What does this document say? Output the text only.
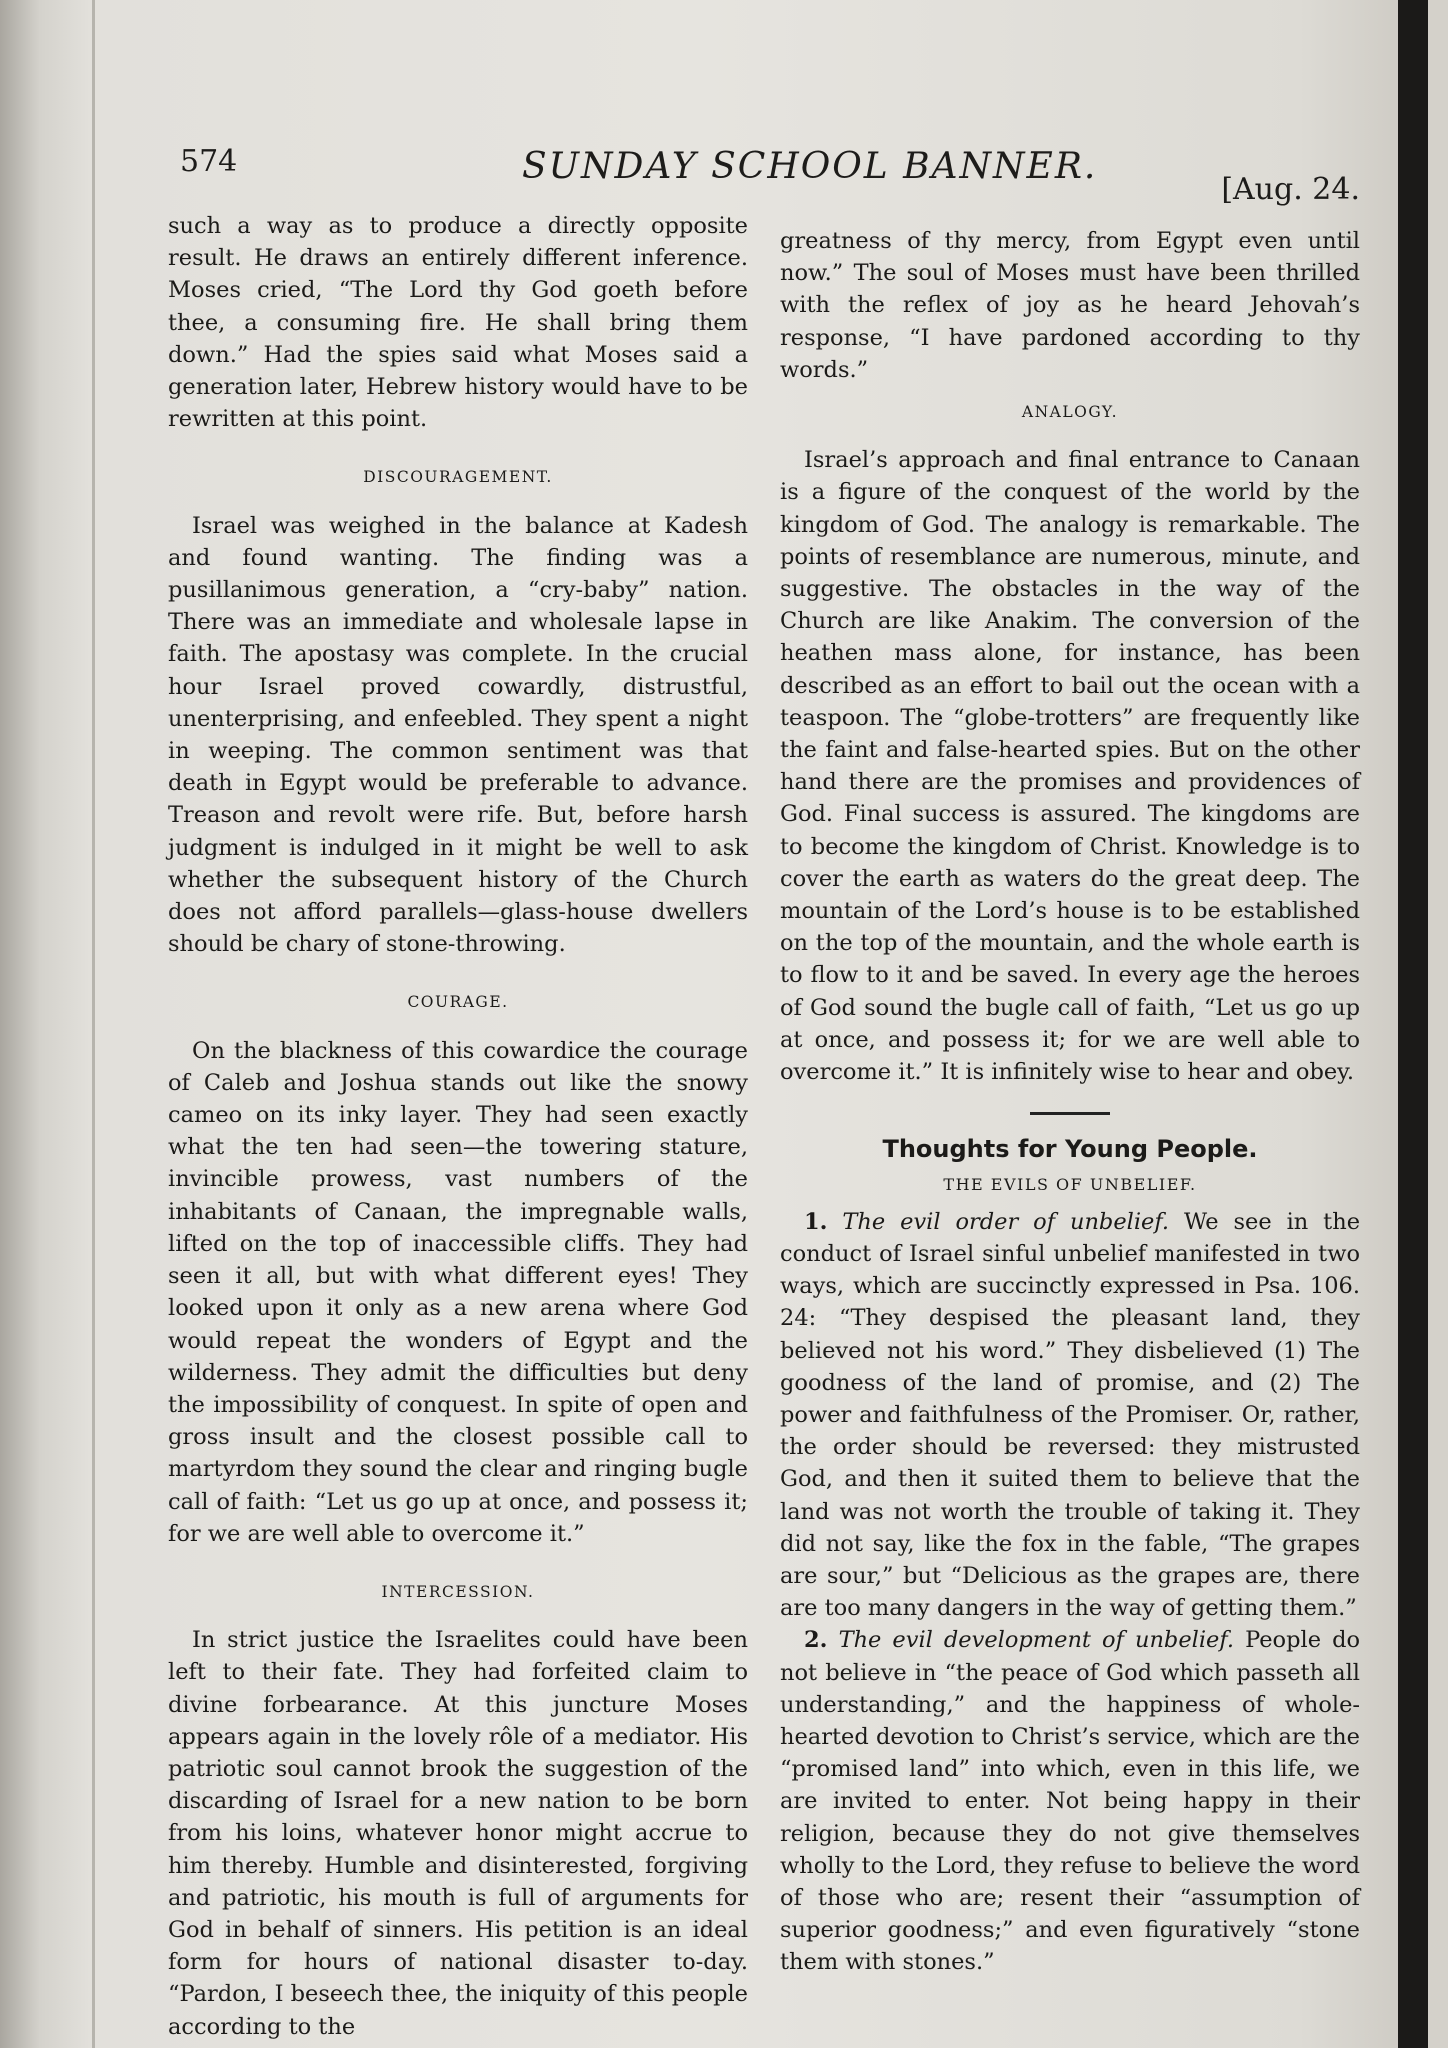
574	SUNDAY SCHOOL BANNER.
[Aug. 24.

such a way as to produce a directly opposite result. He draws an entirely different inference. Moses cried, “The Lord thy God goeth before thee, a consuming fire. He shall bring them down.” Had the spies said what Moses said a generation later, Hebrew history would have to be rewritten at this point.

DISCOURAGEMENT.

Israel was weighed in the balance at Kadesh and found wanting. The finding was a pusillanimous generation, a “cry-baby” nation. There was an immediate and wholesale lapse in faith. The apostasy was complete. In the crucial hour Israel proved cowardly, distrustful, unenterprising, and enfeebled. They spent a night in weeping. The common sentiment was that death in Egypt would be preferable to advance. Treason and revolt were rife. But, before harsh judgment is indulged in it might be well to ask whether the subsequent history of the Church does not afford parallels—glass-house dwellers should be chary of stone-throwing.

COURAGE.

On the blackness of this cowardice the courage of Caleb and Joshua stands out like the snowy cameo on its inky layer. They had seen exactly what the ten had seen—the towering stature, invincible prowess, vast numbers of the inhabitants of Canaan, the impregnable walls, lifted on the top of inaccessible cliffs. They had seen it all, but with what different eyes! They looked upon it only as a new arena where God would repeat the wonders of Egypt and the wilderness. They admit the difficulties but deny the impossibility of conquest. In spite of open and gross insult and the closest possible call to martyrdom they sound the clear and ringing bugle call of faith: “Let us go up at once, and possess it; for we are well able to overcome it.”

INTERCESSION.

In strict justice the Israelites could have been left to their fate. They had forfeited claim to divine forbearance. At this juncture Moses appears again in the lovely rôle of a mediator. His patriotic soul cannot brook the suggestion of the discarding of Israel for a new nation to be born from his loins, whatever honor might accrue to him thereby. Humble and disinterested, forgiving and patriotic, his mouth is full of arguments for God in behalf of sinners. His petition is an ideal form for hours of national disaster to-day. “Pardon, I beseech thee, the iniquity of this people according to the

greatness of thy mercy, from Egypt even until now.” The soul of Moses must have been thrilled with the reflex of joy as he heard Jehovah’s response, “I have pardoned according to thy words.”

ANALOGY.

Israel’s approach and final entrance to Canaan is a figure of the conquest of the world by the kingdom of God. The analogy is remarkable. The points of resemblance are numerous, minute, and suggestive. The obstacles in the way of the Church are like Anakim. The conversion of the heathen mass alone, for instance, has been described as an effort to bail out the ocean with a teaspoon. The “globe-trotters” are frequently like the faint and false-hearted spies. But on the other hand there are the promises and providences of God. Final success is assured. The kingdoms are to become the kingdom of Christ. Knowledge is to cover the earth as waters do the great deep. The mountain of the Lord’s house is to be established on the top of the mountain, and the whole earth is to flow to it and be saved. In every age the heroes of God sound the bugle call of faith, “Let us go up at once, and possess it; for we are well able to overcome it.” It is infinitely wise to hear and obey.

Thoughts for Young People.
THE EVILS OF UNBELIEF.

1. The evil order of unbelief. We see in the conduct of Israel sinful unbelief manifested in two ways, which are succinctly expressed in Psa. 106. 24: “They despised the pleasant land, they believed not his word.” They disbelieved (1) The goodness of the land of promise, and (2) The power and faithfulness of the Promiser. Or, rather, the order should be reversed: they mistrusted God, and then it suited them to believe that the land was not worth the trouble of taking it. They did not say, like the fox in the fable, “The grapes are sour,” but “Delicious as the grapes are, there are too many dangers in the way of getting them.”

2. The evil development of unbelief. People do not believe in “the peace of God which passeth all understanding,” and the happiness of whole-hearted devotion to Christ’s service, which are the “promised land” into which, even in this life, we are invited to enter. Not being happy in their religion, because they do not give themselves wholly to the Lord, they refuse to believe the word of those who are; resent their “assumption of superior goodness;” and even figuratively “stone them with stones.”
